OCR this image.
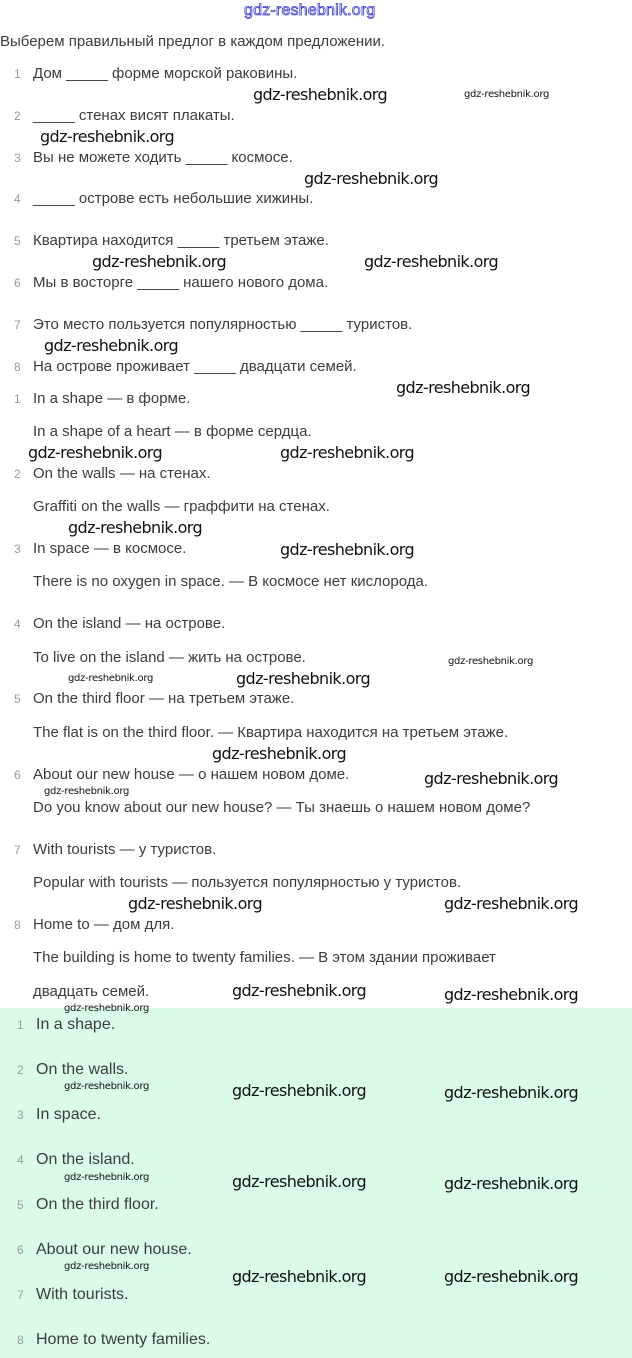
gdz-reshebnik.org
Выберем правильный предлог в каждом предложении.
1 Дом _____ форме морской раковины.
2 _____ стенах висят плакаты.
3 Вы не можете ходить _____ космосе.
4 _____ острове есть небольшие хижины.
5 Квартира находится _____ третьем этаже.
6 Мы в восторге _____ нашего нового дома.
7 Это место пользуется популярностью _____ туристов.
8 На острове проживает _____ двадцати семей.
1 In a shape — в форме.
In a shape of a heart — в форме сердца.
2 On the walls — на стенах.
Graffiti on the walls — граффити на стенах.
3 In space — в космосе.
There is no oxygen in space. — В космосе нет кислорода.
4 On the island — на острове.
To live on the island — жить на острове.
5 On the third floor — на третьем этаже.
The flat is on the third floor. — Квартира находится на третьем этаже.
6 About our new house — о нашем новом доме.
Do you know about our new house? — Ты знаешь о нашем новом доме?
7 With tourists — у туристов.
Popular with tourists — пользуется популярностью у туристов.
8 Home to — дом для.
The building is home to twenty families. — В этом здании проживает
двадцать семей.
1 In a shape.
2 On the walls.
3 In space.
4 On the island.
5 On the third floor.
6 About our new house.
7 With tourists.
8 Home to twenty families.
gdz-reshebnik.org
gdz-reshebnik.org
gdz-reshebnik.org
gdz-reshebnik.org	gdz-reshebnik.org
gdz-reshebnik.org
gdz-reshebnik.org
gdz-reshebnik.org	gdz-reshebnik.org
gdz-reshebnik.org
gdz-reshebnik.org
gdz-reshebnik.org
gdz-reshebnik.org
gdz-reshebnik.org
gdz-reshebnik.org	gdz-reshebnik.org
gdz-reshebnik.org	gdz-reshebnik.org
gdz-reshebnik.org	gdz-reshebnik.org
gdz-reshebnik.org	gdz-reshebnik.org
gdz-reshebnik.org	gdz-reshebnik.org
gdz-reshebnik.org
gdz-reshebnik.org
gdz-reshebnik.org
gdz-reshebnik.org
gdz-reshebnik.org
gdz-reshebnik.org
gdz-reshebnik.org
gdz-reshebnik.org
